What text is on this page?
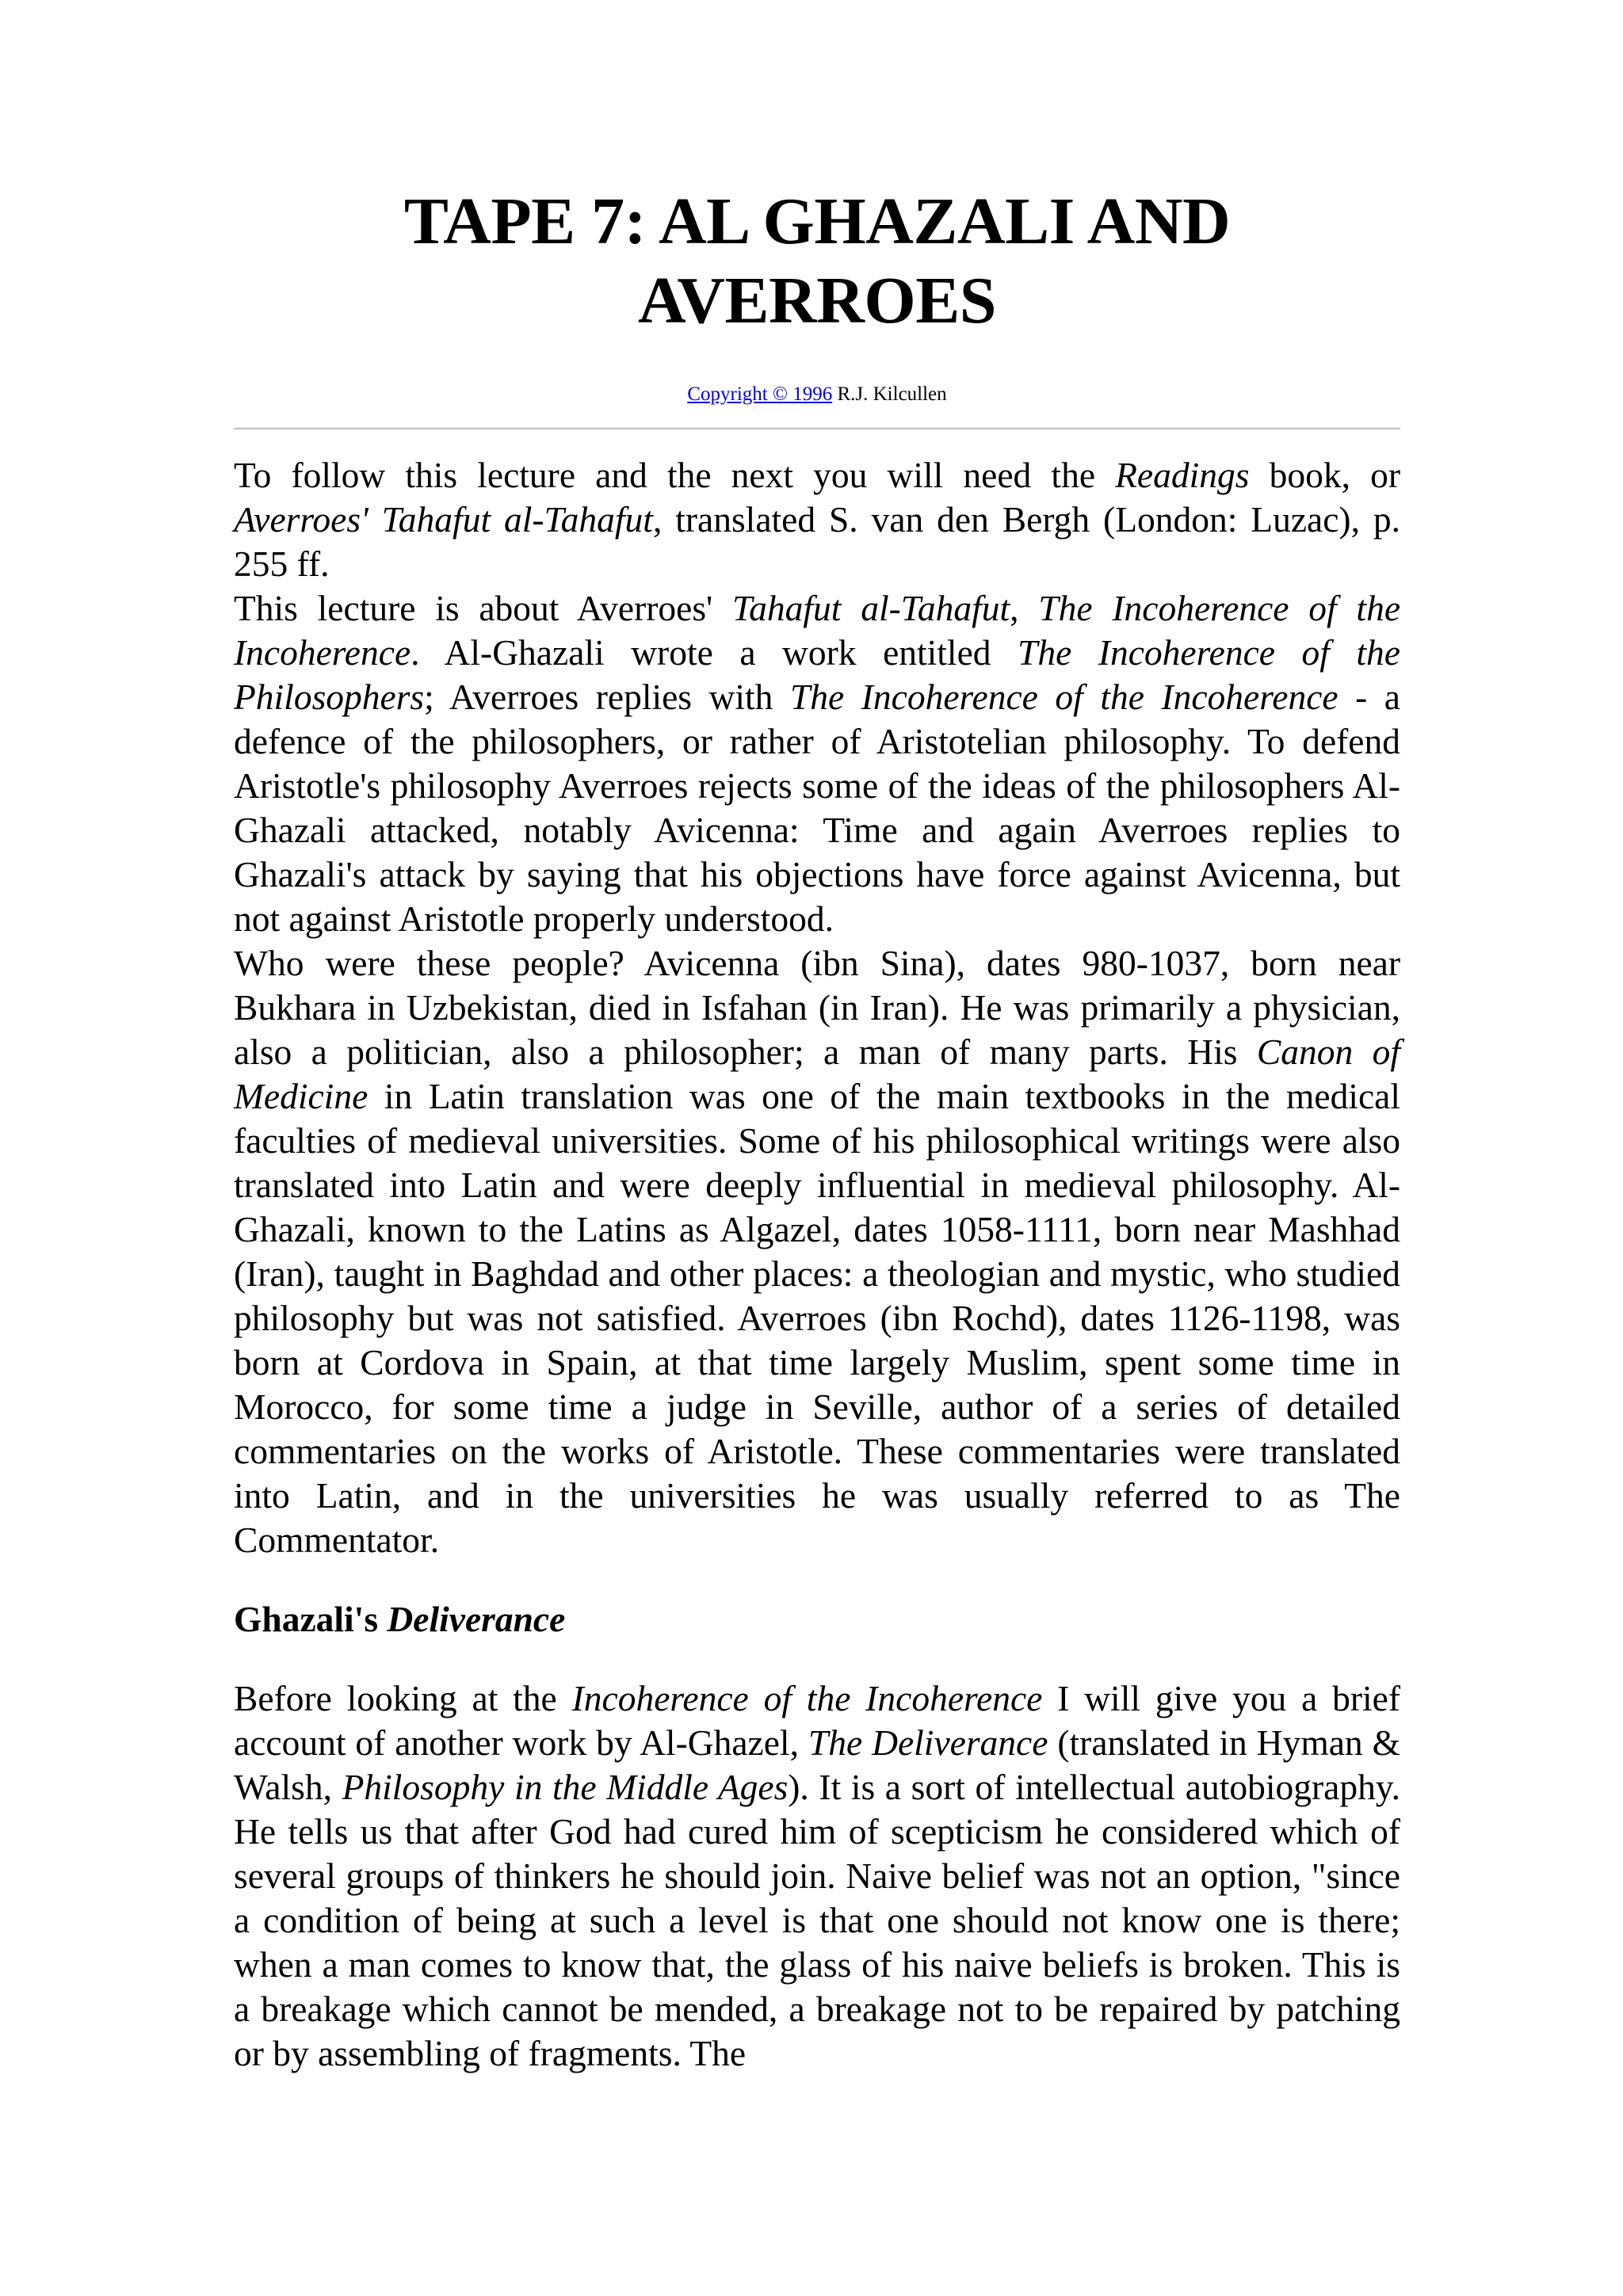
TAPE 7: AL GHAZALI AND AVERROES
Copyright © 1996 R.J. Kilcullen

To follow this lecture and the next you will need the Readings book, or Averroes' Tahafut al-Tahafut, translated S. van den Bergh (London: Luzac), p. 255 ff.

This lecture is about Averroes' Tahafut al-Tahafut, The Incoherence of the Incoherence. Al-Ghazali wrote a work entitled The Incoherence of the Philosophers; Averroes replies with The Incoherence of the Incoherence - a defence of the philosophers, or rather of Aristotelian philosophy. To defend Aristotle's philosophy Averroes rejects some of the ideas of the philosophers Al-Ghazali attacked, notably Avicenna: Time and again Averroes replies to Ghazali's attack by saying that his objections have force against Avicenna, but not against Aristotle properly understood.

Who were these people? Avicenna (ibn Sina), dates 980-1037, born near Bukhara in Uzbekistan, died in Isfahan (in Iran). He was primarily a physician, also a politician, also a philosopher; a man of many parts. His Canon of Medicine in Latin translation was one of the main textbooks in the medical faculties of medieval universities. Some of his philosophical writings were also translated into Latin and were deeply influential in medieval philosophy. Al-Ghazali, known to the Latins as Algazel, dates 1058-1111, born near Mashhad (Iran), taught in Baghdad and other places: a theologian and mystic, who studied philosophy but was not satisfied. Averroes (ibn Rochd), dates 1126-1198, was born at Cordova in Spain, at that time largely Muslim, spent some time in Morocco, for some time a judge in Seville, author of a series of detailed commentaries on the works of Aristotle. These commentaries were translated into Latin, and in the universities he was usually referred to as The Commentator.

Ghazali's Deliverance

Before looking at the Incoherence of the Incoherence I will give you a brief account of another work by Al-Ghazel, The Deliverance (translated in Hyman & Walsh, Philosophy in the Middle Ages). It is a sort of intellectual autobiography. He tells us that after God had cured him of scepticism he considered which of several groups of thinkers he should join. Naive belief was not an option, "since a condition of being at such a level is that one should not know one is there; when a man comes to know that, the glass of his naive beliefs is broken. This is a breakage which cannot be mended, a breakage not to be repaired by patching or by assembling of fragments. The
